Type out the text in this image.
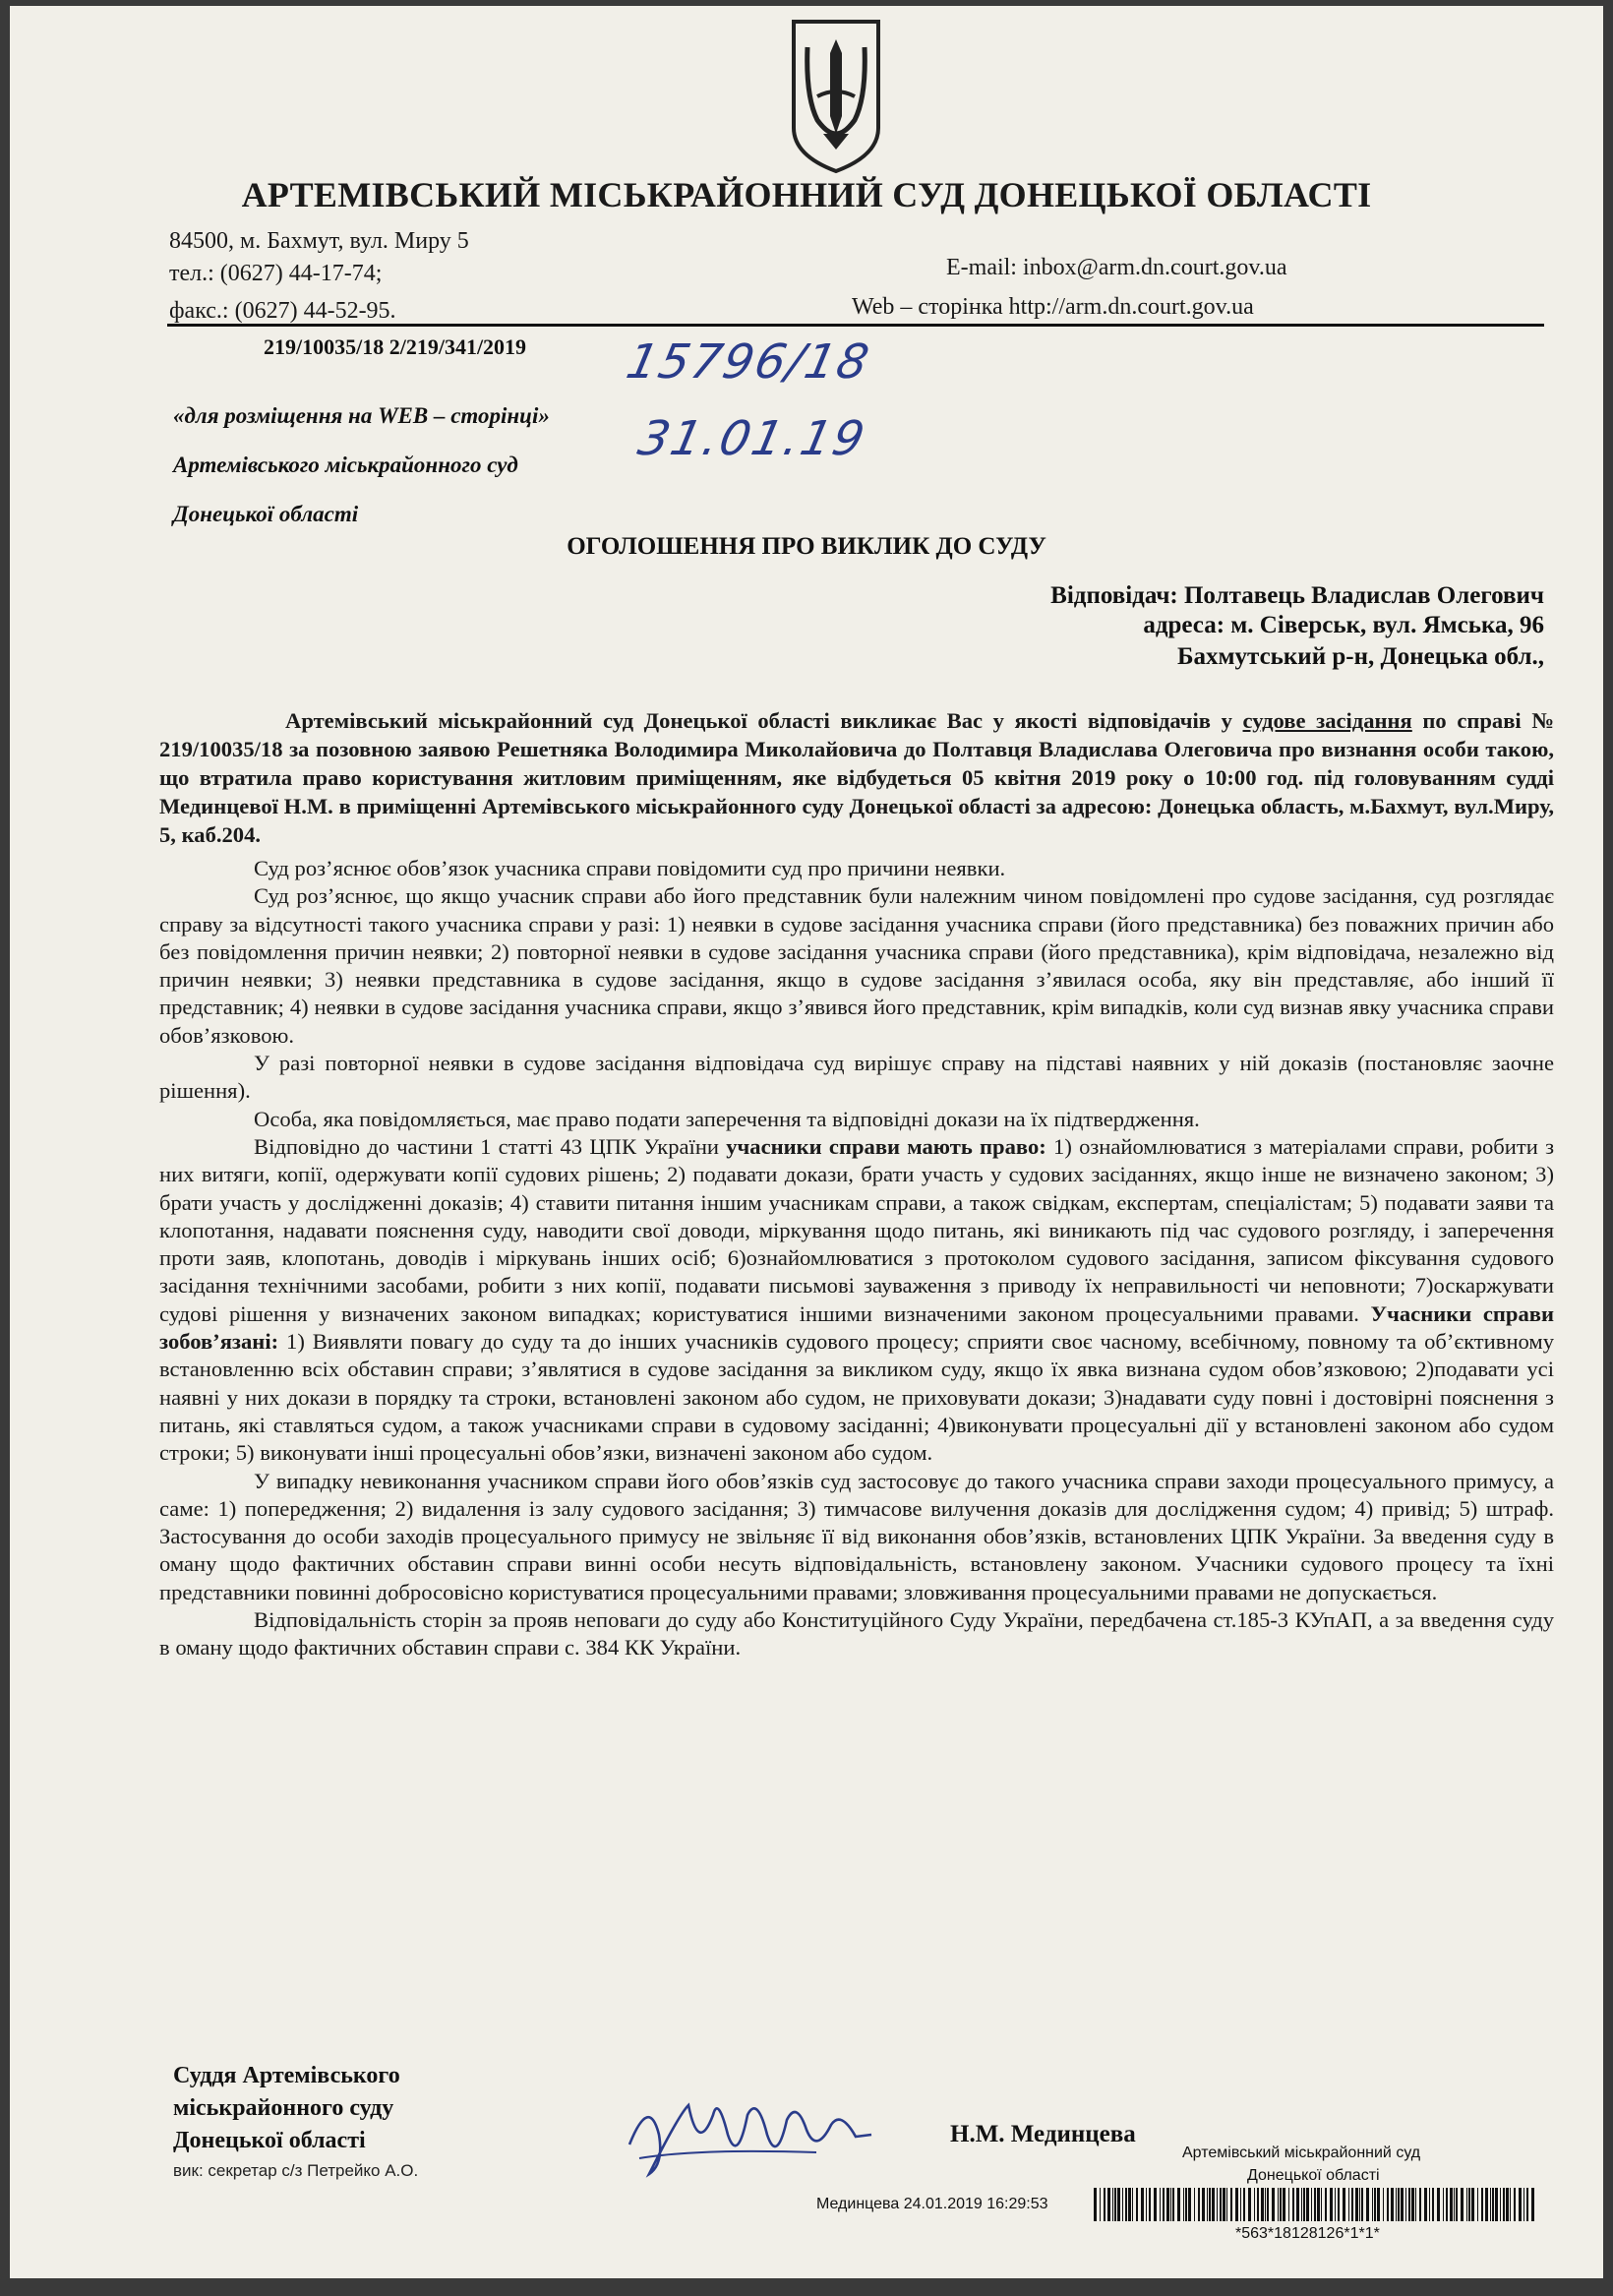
АРТЕМІВСЬКИЙ МІСЬКРАЙОННИЙ СУД ДОНЕЦЬКОЇ ОБЛАСТІ
84500, м. Бахмут, вул. Миру 5
тел.: (0627) 44-17-74;
факс.: (0627) 44-52-95.
E-mail: inbox@arm.dn.court.gov.ua
Web – сторінка http://arm.dn.court.gov.ua
219/10035/18 2/219/341/2019 15796/18
31.01.19
«для розміщення на WEB – сторінці»
Артемівського міськрайонного суд
Донецької області
ОГОЛОШЕННЯ ПРО ВИКЛИК ДО СУДУ
Відповідач: Полтавець Владислав Олегович
адреса: м. Сіверськ, вул. Ямська, 96
Бахмутський р-н, Донецька обл.,

Артемівський міськрайонний суд Донецької області викликає Вас у якості відповідачів у судове засідання по справі № 219/10035/18 за позовною заявою Решетняка Володимира Миколайовича до Полтавця Владислава Олеговича про визнання особи такою, що втратила право користування житловим приміщенням, яке відбудеться 05 квітня 2019 року о 10:00 год. під головуванням судді Мединцевої Н.М. в приміщенні Артемівського міськрайонного суду Донецької області за адресою: Донецька область, м.Бахмут, вул.Миру, 5, каб.204.

Суд роз’яснює обов’язок учасника справи повідомити суд про причини неявки.

Суд роз’яснює, що якщо учасник справи або його представник були належним чином повідомлені про судове засідання, суд розглядає справу за відсутності такого учасника справи у разі: 1) неявки в судове засідання учасника справи (його представника) без поважних причин або без повідомлення причин неявки; 2) повторної неявки в судове засідання учасника справи (його представника), крім відповідача, незалежно від причин неявки; 3) неявки представника в судове засідання, якщо в судове засідання з’явилася особа, яку він представляє, або інший її представник; 4) неявки в судове засідання учасника справи, якщо з’явився його представник, крім випадків, коли суд визнав явку учасника справи обов’язковою.

У разі повторної неявки в судове засідання відповідача суд вирішує справу на підставі наявних у ній доказів (постановляє заочне рішення).

Особа, яка повідомляється, має право подати заперечення та відповідні докази на їх підтвердження.

Відповідно до частини 1 статті 43 ЦПК України учасники справи мають право: 1) ознайомлюватися з матеріалами справи, робити з них витяги, копії, одержувати копії судових рішень; 2) подавати докази, брати участь у судових засіданнях, якщо інше не визначено законом; 3) брати участь у дослідженні доказів; 4) ставити питання іншим учасникам справи, а також свідкам, експертам, спеціалістам; 5) подавати заяви та клопотання, надавати пояснення суду, наводити свої доводи, міркування щодо питань, які виникають під час судового розгляду, і заперечення проти заяв, клопотань, доводів і міркувань інших осіб; 6)ознайомлюватися з протоколом судового засідання, записом фіксування судового засідання технічними засобами, робити з них копії, подавати письмові зауваження з приводу їх неправильності чи неповноти; 7)оскаржувати судові рішення у визначених законом випадках; користуватися іншими визначеними законом процесуальними правами. Учасники справи зобов’язані: 1) Виявляти повагу до суду та до інших учасників судового процесу; сприяти своє часному, всебічному, повному та об’єктивному встановленню всіх обставин справи; з’являтися в судове засідання за викликом суду, якщо їх явка визнана судом обов’язковою; 2)подавати усі наявні у них докази в порядку та строки, встановлені законом або судом, не приховувати докази; 3)надавати суду повні і достовірні пояснення з питань, які ставляться судом, а також учасниками справи в судовому засіданні; 4)виконувати процесуальні дії у встановлені законом або судом строки; 5) виконувати інші процесуальні обов’язки, визначені законом або судом.

У випадку невиконання учасником справи його обов’язків суд застосовує до такого учасника справи заходи процесуального примусу, а саме: 1) попередження; 2) видалення із залу судового засідання; 3) тимчасове вилучення доказів для дослідження судом; 4) привід; 5) штраф. Застосування до особи заходів процесуального примусу не звільняє її від виконання обов’язків, встановлених ЦПК України. За введення суду в оману щодо фактичних обставин справи винні особи несуть відповідальність, встановлену законом. Учасники судового процесу та їхні представники повинні добросовісно користуватися процесуальними правами; зловживання процесуальними правами не допускається.

Відповідальність сторін за прояв неповаги до суду або Конституційного Суду України, передбачена ст.185-3 КУпАП, а за введення суду в оману щодо фактичних обставин справи с. 384 КК України.

Суддя Артемівського
міськрайонного суду
Донецької області
вик: секретар с/з Петрейко А.О.
Н.М. Мединцева
Артемівський міськрайонний суд
Донецької області
Мединцева 24.01.2019 16:29:53
*563*18128126*1*1*
